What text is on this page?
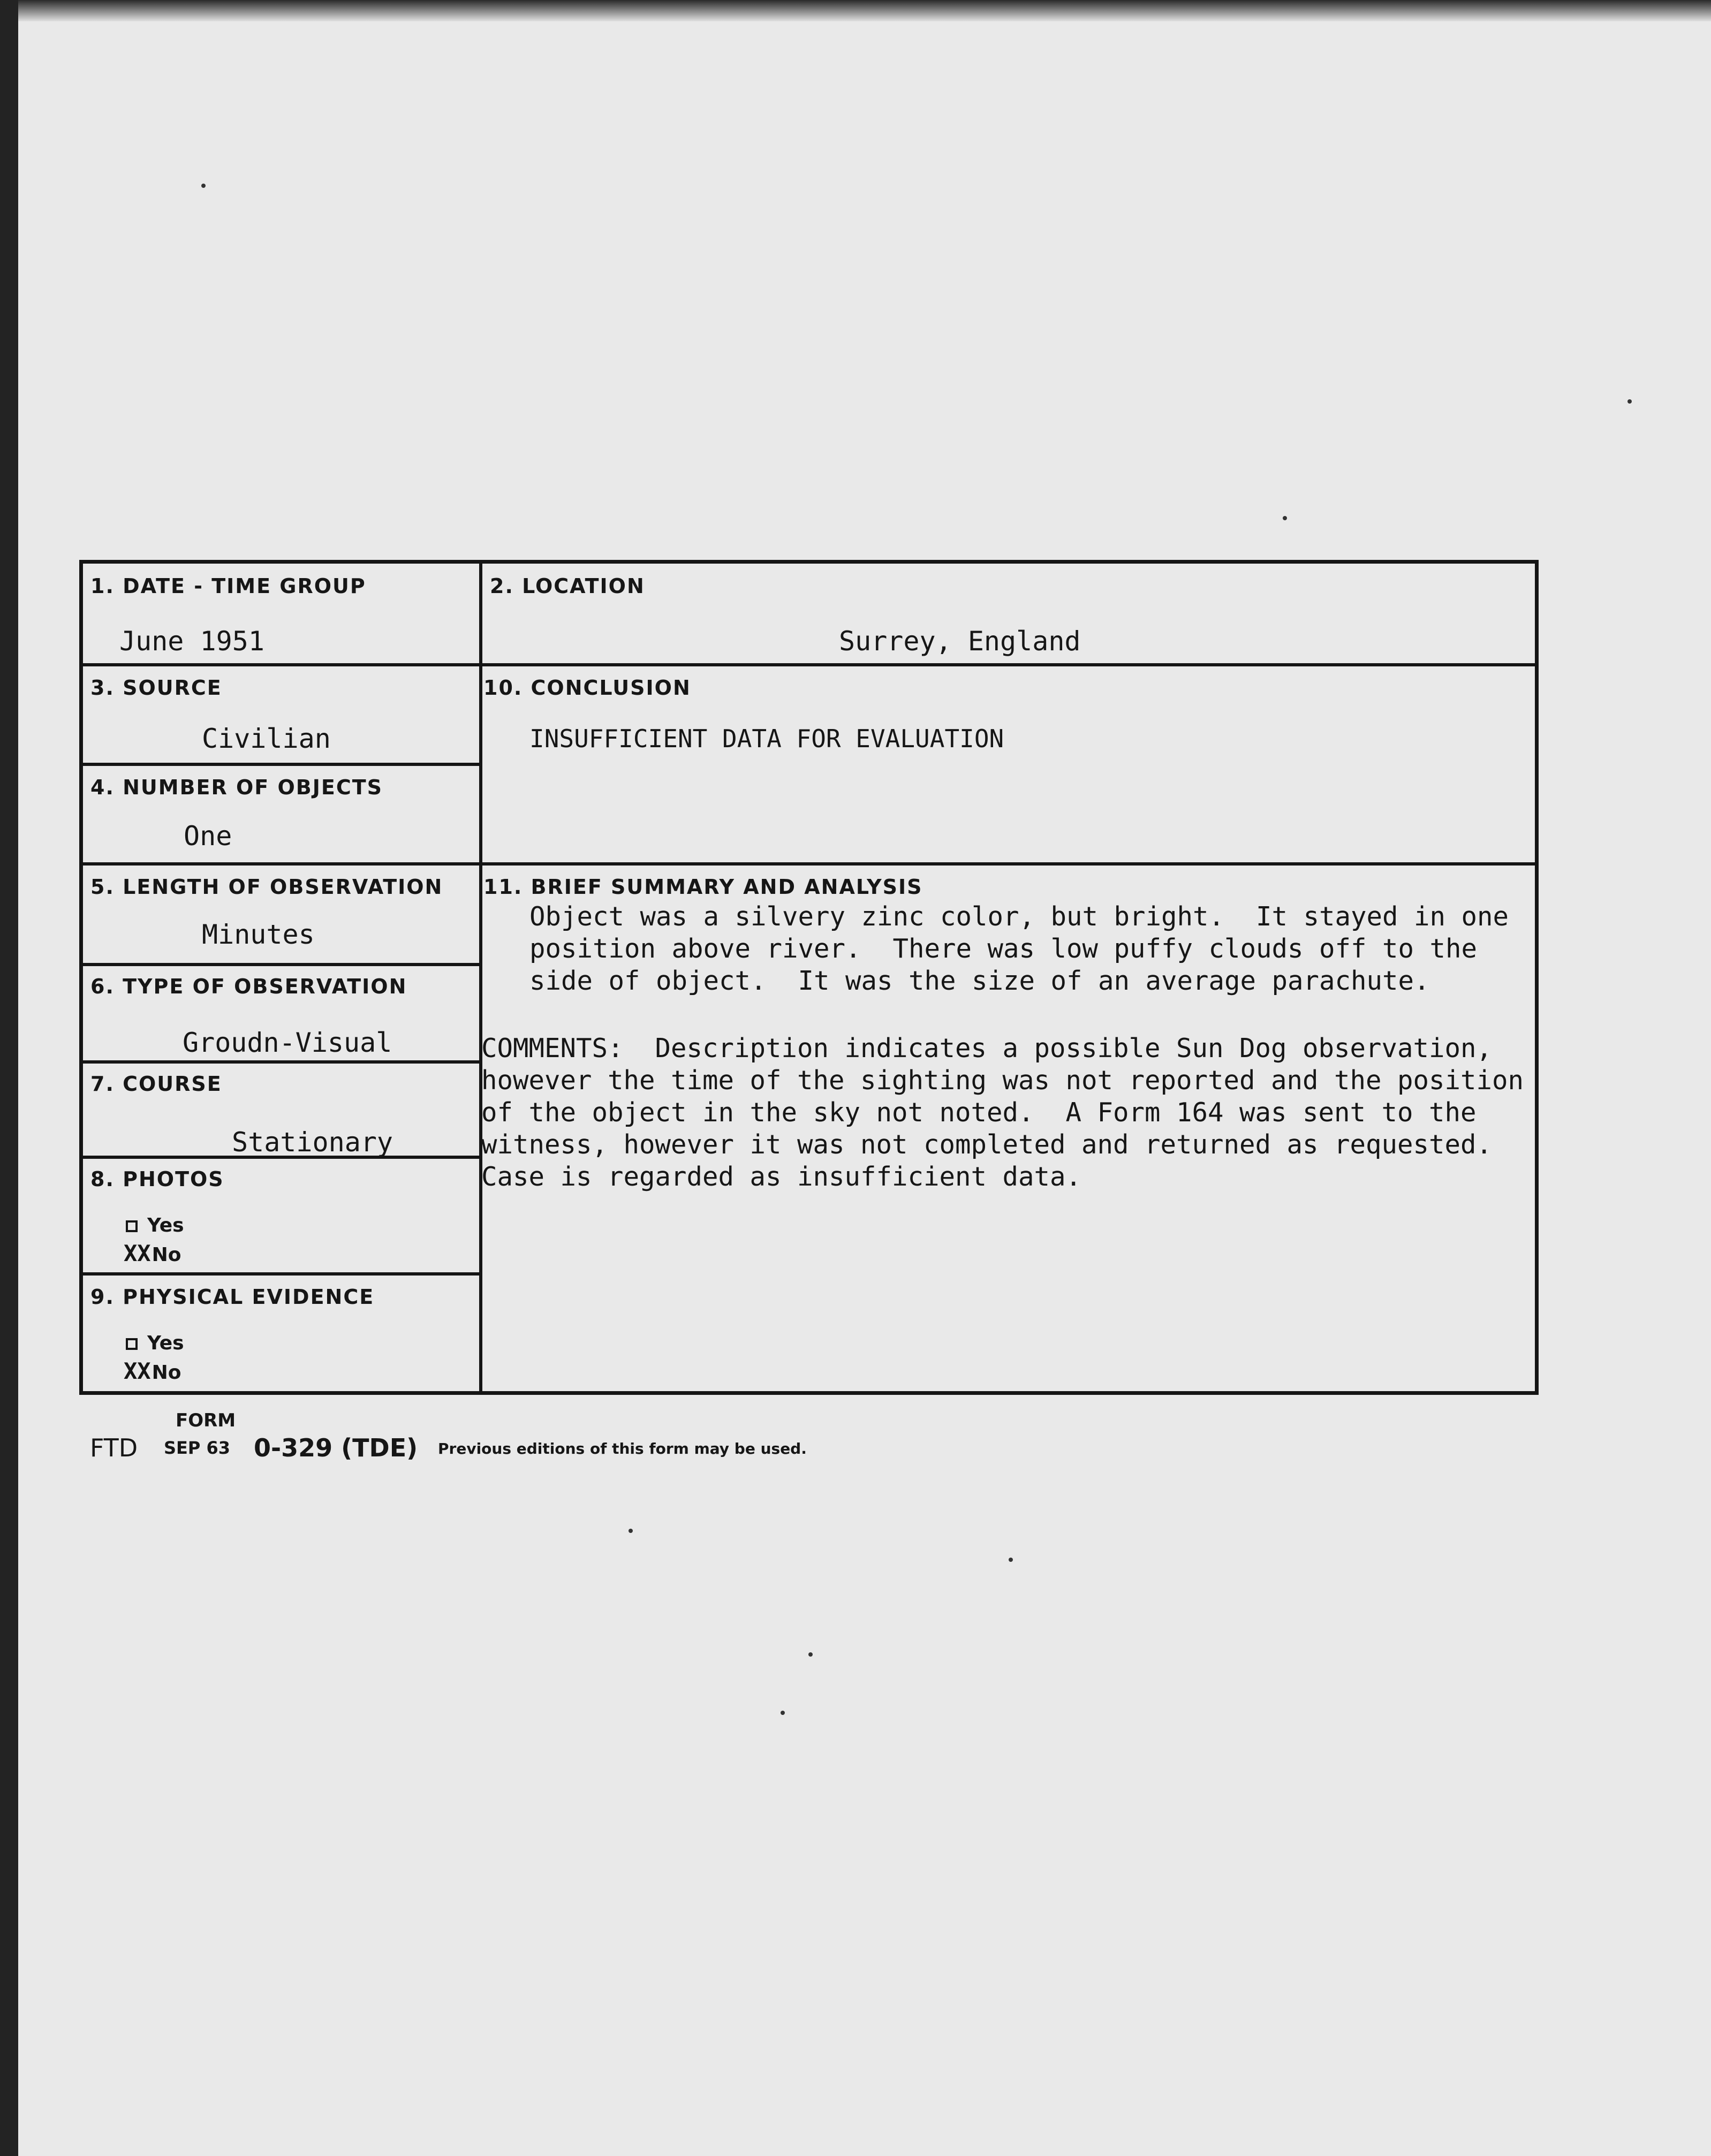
1. DATE - TIME GROUP
June 1951
2. LOCATION
Surrey, England
3. SOURCE
Civilian
10. CONCLUSION
INSUFFICIENT DATA FOR EVALUATION
4. NUMBER OF OBJECTS
One
5. LENGTH OF OBSERVATION
Minutes
11. BRIEF SUMMARY AND ANALYSIS
Object was a silvery zinc color, but bright.  It stayed in one
position above river.  There was low puffy clouds off to the
side of object.  It was the size of an average parachute.
6. TYPE OF OBSERVATION
Groudn-Visual	COMMENTS:  Description indicates a possible Sun Dog observation,
however the time of the sighting was not reported and the position
of the object in the sky not noted.  A Form 164 was sent to the
witness, however it was not completed and returned as requested.
Case is regarded as insufficient data.
7. COURSE
Stationary
8. PHOTOS
Yes
XXNo
9. PHYSICAL EVIDENCE
Yes
XXNo
FORM
FTD SEP 63 0-329 (TDE) Previous editions of this form may be used.
